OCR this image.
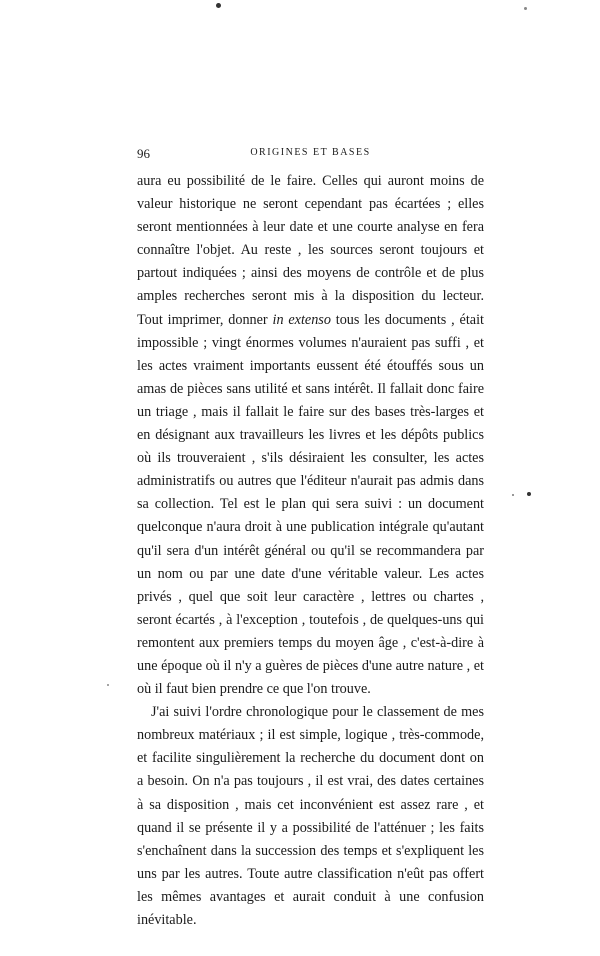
96	ORIGINES ET BASES

aura eu possibilité de le faire. Celles qui auront moins de valeur historique ne seront cependant pas écartées ; elles seront mentionnées à leur date et une courte analyse en fera connaître l'objet. Au reste , les sources seront toujours et partout indiquées ; ainsi des moyens de contrôle et de plus amples recherches seront mis à la disposition du lecteur. Tout imprimer, donner in extenso tous les documents , était impossible ; vingt énormes volumes n'auraient pas suffi , et les actes vraiment importants eussent été étouffés sous un amas de pièces sans utilité et sans intérêt. Il fallait donc faire un triage , mais il fallait le faire sur des bases très-larges et en désignant aux travailleurs les livres et les dépôts publics où ils trouveraient , s'ils désiraient les consulter, les actes administratifs ou autres que l'éditeur n'aurait pas admis dans sa collection. Tel est le plan qui sera suivi : un document quelconque n'aura droit à une publication intégrale qu'autant qu'il sera d'un intérêt général ou qu'il se recommandera par un nom ou par une date d'une véritable valeur. Les actes privés , quel que soit leur caractère , lettres ou chartes , seront écartés , à l'exception , toutefois , de quelques-uns qui remontent aux premiers temps du moyen âge , c'est-à-dire à une époque où il n'y a guères de pièces d'une autre nature , et où il faut bien prendre ce que l'on trouve.

J'ai suivi l'ordre chronologique pour le classement de mes nombreux matériaux ; il est simple, logique , très-commode, et facilite singulièrement la recherche du document dont on a besoin. On n'a pas toujours , il est vrai, des dates certaines à sa disposition , mais cet inconvénient est assez rare , et quand il se présente il y a possibilité de l'atténuer ; les faits s'enchaînent dans la succession des temps et s'expliquent les uns par les autres. Toute autre classification n'eût pas offert les mêmes avantages et aurait conduit à une confusion inévitable.
